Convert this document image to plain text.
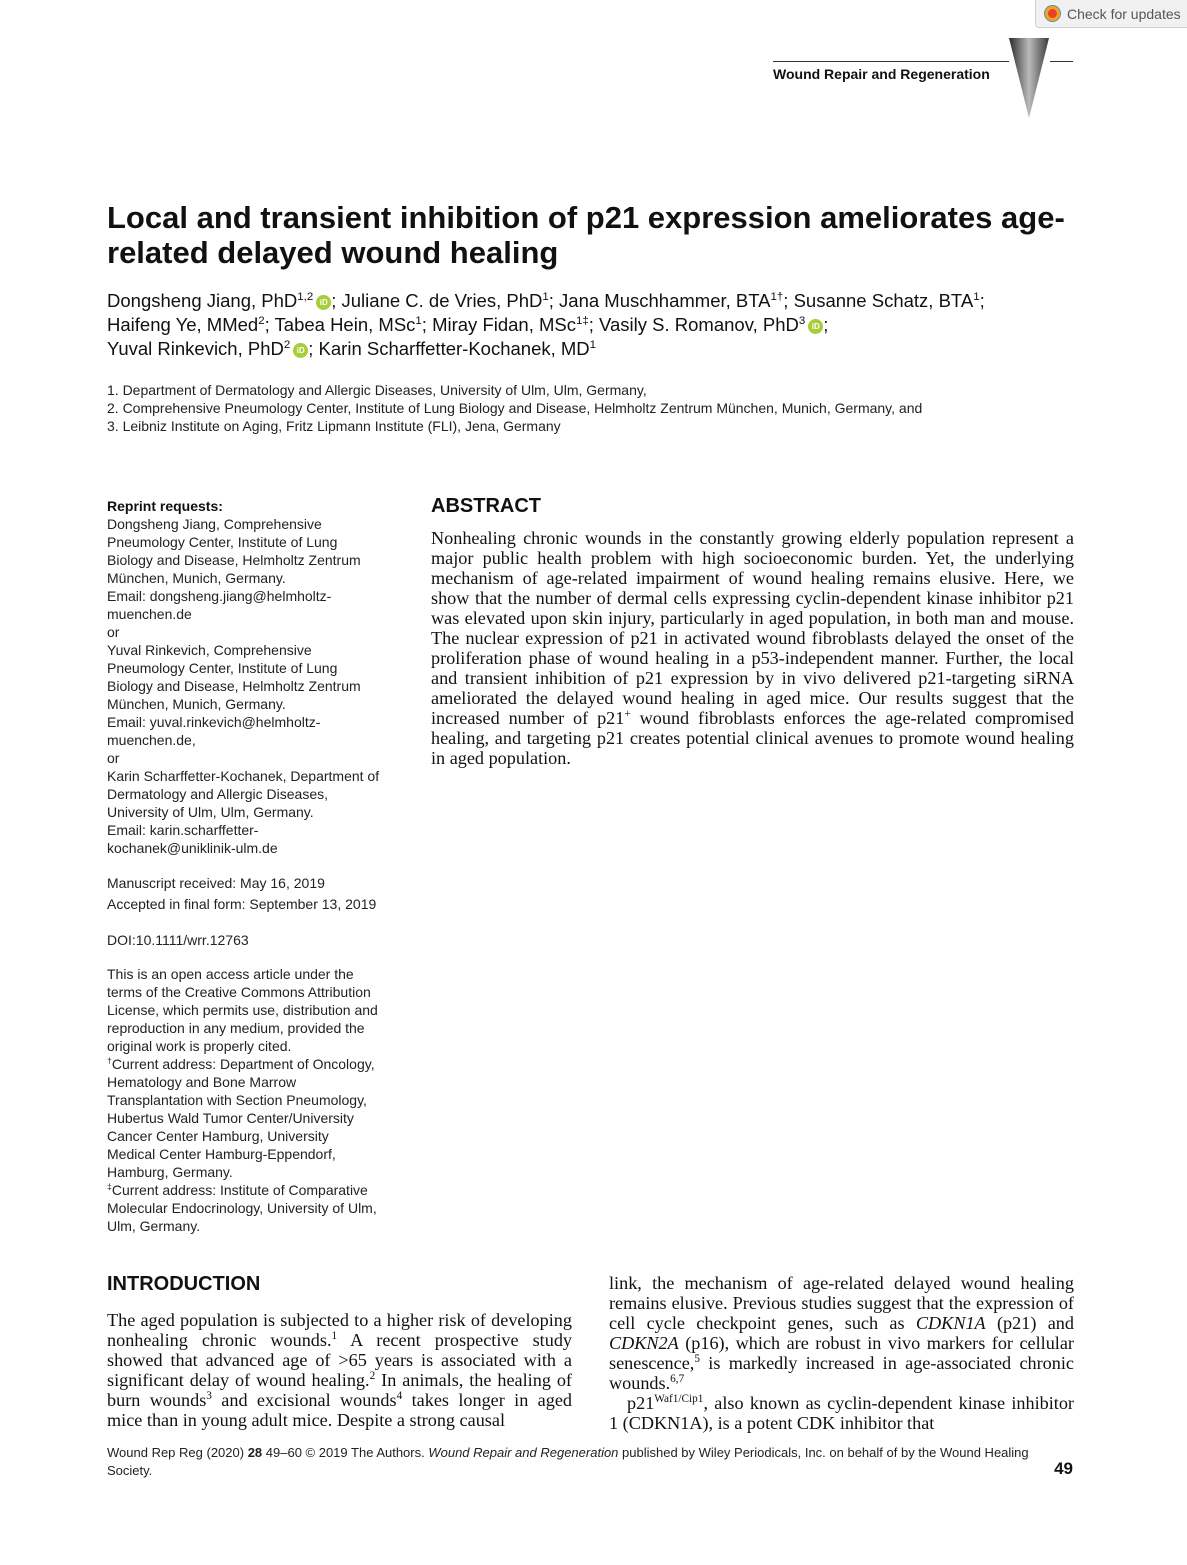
Check for updates
Wound Repair and Regeneration
Local and transient inhibition of p21 expression ameliorates age-related delayed wound healing
Dongsheng Jiang, PhD$^{1,2}$ iD ; Juliane C. de Vries, PhD$^1$; Jana Muschhammer, $BTA^{1\dagger}$; Susanne Schatz, BTA$^1$;
Haifeng Ye, MMed$^2$; Tabea Hein, MSc$^1$; Miray Fidan, MSc$^{1\ddagger}$; Vasily S. Romanov, PhD$^3$ iD ;
Yuval Rinkevich, PhD$^2$ iD ; Karin Scharffetter-Kochanek, $MD^1$
1. Department of Dermatology and Allergic Diseases, University of Ulm, Ulm, Germany,
2. Comprehensive Pneumology Center, Institute of Lung Biology and Disease, Helmholtz Zentrum München, Munich, Germany, and
3. Leibniz Institute on Aging, Fritz Lipmann Institute (FLI), Jena, Germany
Reprint requests:
Dongsheng Jiang, Comprehensive
Pneumology Center, Institute of Lung
Biology and Disease, Helmholtz Zentrum
München, Munich, Germany.
Email: dongsheng.jiang@helmholtz-
muenchen.de
or
Yuval Rinkevich, Comprehensive
Pneumology Center, Institute of Lung
Biology and Disease, Helmholtz Zentrum
München, Munich, Germany.
Email: yuval.rinkevich@helmholtz-
muenchen.de,
or
Karin Scharffetter-Kochanek, Department of
Dermatology and Allergic Diseases,
University of Ulm, Ulm, Germany.
Email: karin.scharffetter-
kochanek@uniklinik-ulm.de
Manuscript received: May 16, 2019
Accepted in final form: September 13, 2019
DOI:10.1111/wrr.12763
This is an open access article under the
terms of the Creative Commons Attribution
License, which permits use, distribution and
reproduction in any medium, provided the
original work is properly cited.
†Current address: Department of Oncology,
Hematology and Bone Marrow
Transplantation with Section Pneumology,
Hubertus Wald Tumor Center/University
Cancer Center Hamburg, University
Medical Center Hamburg-Eppendorf,
Hamburg, Germany.
‡Current address: Institute of Comparative
Molecular Endocrinology, University of Ulm,
Ulm, Germany.
ABSTRACT
Nonhealing chronic wounds in the constantly growing elderly population represent a major public health problem with high socioeconomic burden. Yet, the underlying mechanism of age-related impairment of wound healing remains elusive. Here, we show that the number of dermal cells expressing cyclin-dependent kinase inhibitor p21 was elevated upon skin injury, particularly in aged population, in both man and mouse. The nuclear expression of p21 in activated wound fibroblasts delayed the onset of the proliferation phase of wound healing in a p53-independent manner. Further, the local and transient inhibition of p21 expression by in vivo delivered p21-targeting siRNA ameliorated the delayed wound healing in aged mice. Our results suggest that the increased number of p21+ wound fibroblasts enforces the age-related compromised healing, and targeting p21 creates potential clinical avenues to promote wound healing in aged population.
INTRODUCTION
The aged population is subjected to a higher risk of developing nonhealing chronic wounds.$^1$ A recent prospective study showed that advanced age of >65 years is associated with a significant delay of wound healing.$^2$ In animals, the healing of burn wounds$^3$ and excisional wounds$^4$ takes longer in aged mice than in young adult mice. Despite a strong causal

link, the mechanism of age-related delayed wound healing remains elusive. Previous studies suggest that the expression of cell cycle checkpoint genes, such as CDKN1A (p21) and CDKN2A (p16), which are robust in vivo markers for cellular senescence,$^5$ is markedly increased in age-associated chronic wounds.$^{6,7}$

$p21^{Waf1/Cip1}$, also known as cyclin-dependent kinase inhibitor 1 (CDKN1A), is a potent CDK inhibitor that

Wound Rep Reg (2020) 28 49–60 © 2019 The Authors. Wound Repair and Regeneration published by Wiley Periodicals, Inc. on behalf of by the Wound Healing Society.	49
